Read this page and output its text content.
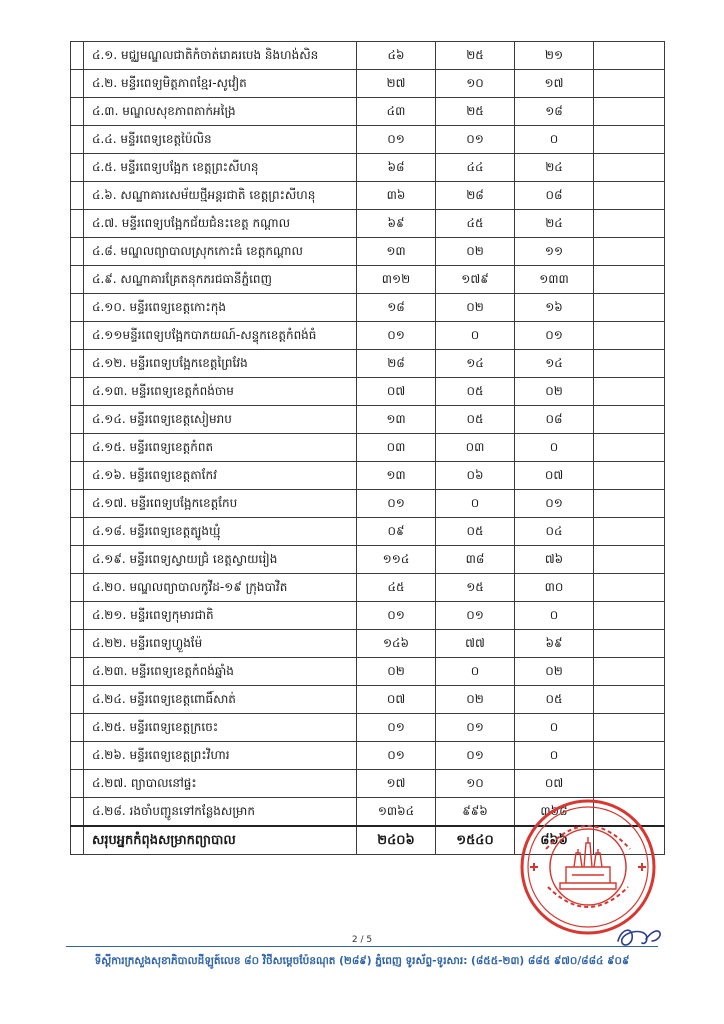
	៤.១. មជ្ឈមណ្ឌលជាតិកំចាត់រោគរបេង និងហង់សិន	៤៦	២៥	២១	
	៤.២. មន្ទីរពេទ្យមិត្តភាពខ្មែរ-សូវៀត	២៧	១០	១៧	
	៤.៣. មណ្ឌលសុខភាពតាក់អង្រៃ	៤៣	២៥	១៨	
	៤.៤. មន្ទីរពេទ្យខេត្តប៉ៃលិន	០១	០១	០	
	៤.៥. មន្ទីរពេទ្យបង្អែក ខេត្តព្រះសីហនុ	៦៨	៤៤	២៤	
	៤.៦. សណ្ឋាគារសេម័យថ្មីអន្តរជាតិ ខេត្តព្រះសីហនុ	៣៦	២៨	០៨	
	៤.៧. មន្ទីរពេទ្យបង្អែកជ័យជំនះខេត្ត កណ្តាល	៦៩	៤៥	២៤	
	៤.៨. មណ្ឌលព្យាបាលស្រុកកោះធំ ខេត្តកណ្តាល	១៣	០២	១១	
	៤.៩. សណ្ឋាគារគ្រែតនុកភរជធានីភ្នំពេញ	៣១២	១៧៩	១៣៣	
	៤.១០. មន្ទីរពេទ្យខេត្តកោះកុង	១៨	០២	១៦	
	៤.១១មន្ទីរពេទ្យបង្អែកបាភយណ៍-សន្ទុកខេត្តកំពង់ធំ	០១	០	០១	
	៤.១២. មន្ទីរពេទ្យបង្អែកខេត្តព្រៃវែង	២៨	១៤	១៤	
	៤.១៣. មន្ទីរពេទ្យខេត្តកំពង់ចាម	០៧	០៥	០២	
	៤.១៤. មន្ទីរពេទ្យខេត្តសៀមរាប	១៣	០៥	០៨	
	៤.១៥. មន្ទីរពេទ្យខេត្តកំពត	០៣	០៣	០	
	៤.១៦. មន្ទីរពេទ្យខេត្តតាកែវ	១៣	០៦	០៧	
	៤.១៧. មន្ទីរពេទ្យបង្អែកខេត្តកែប	០១	០	០១	
	៤.១៨. មន្ទីរពេទ្យខេត្តត្បូងឃ្មុំ	០៩	០៥	០៤	
	៤.១៩. មន្ទីរពេទ្យស្វាយជ្រំ ខេត្តស្វាយរៀង	១១៤	៣៨	៧៦	
	៤.២០. មណ្ឌលព្យាបាលកូវីដ-១៩ ក្រុងបាវិត	៤៥	១៥	៣០	
	៤.២១. មន្ទីរពេទ្យកុមារជាតិ	០១	០១	០	
	៤.២២. មន្ទីរពេទ្យហ្លួងម៉ែ	១៤៦	៧៧	៦៩	
	៤.២៣. មន្ទីរពេទ្យខេត្តកំពង់ឆ្នាំង	០២	០	០២	
	៤.២៤. មន្ទីរពេទ្យខេត្តពោធិ៍សាត់	០៧	០២	០៥	
	៤.២៥. មន្ទីរពេទ្យខេត្តក្រចេះ	០១	០១	០	
	៤.២៦. មន្ទីរពេទ្យខេត្តព្រះវិហារ	០១	០១	០	
	៤.២៧. ព្យាបាលនៅផ្ទះ	១៧	១០	០៧	
	៤.២៨. រងចាំបញ្ជូនទៅកន្លែងសម្រាក	១៣៦៤	៩៩៦	៣៦៨	
	សរុបអ្នកកំពុងសម្រាកព្យាបាល	២៤០៦	១៥៤០	៨៦៦	
2 / 5
ទីស្តីការក្រសួងសុខាភិបាលដីឡូត៍លេខ ៨០ វិថីសម្តេចប៉ែនណុត (២៨៩) ភ្នំពេញ ទូរស័ព្ទ-ទូរសារ: (៨៥៥-២៣) ៨៨៥ ៩៧០/៨៨៤ ៩០៩
